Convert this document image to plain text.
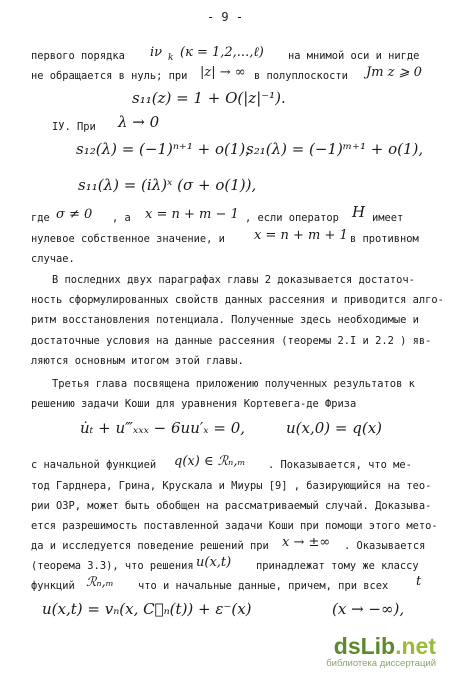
- 9 -
первого порядка iν k (к = 1,2,...,ℓ) на мнимой оси и нигде
не обращается в нуль; при |z| → ∞ в полуплоскости Jm z ⩾ 0
s₁₁(z) = 1 + O(|z|⁻¹).
IУ. При λ → 0
s₁₂(λ) = (−1)ⁿ⁺¹ + o(1),
s₂₁(λ) = (−1)ᵐ⁺¹ + o(1),
s₁₁(λ) = (iλ)ˣ (σ + o(1)),
где σ ≠ 0 , а x = n + m − 1 , если оператор H имеет
нулевое собственное значение, и x = n + m + 1 в противном
случае.
В последних двух параграфах главы 2 доказывается достаточ-
ность сформулированных свойств данных рассеяния и приводится алго-
ритм восстановления потенциала. Полученные здесь необходимые и
достаточные условия на данные рассеяния (теоремы 2.I и 2.2 ) яв-
ляются основным итогом этой главы.
Третья глава посвящена приложению полученных результатов к
решению задачи Коши для уравнения Кортевега-де Фриза
u̇ₜ + u‴ₓₓₓ − 6uu′ₓ = 0,	u(x,0) = q(x)
с начальной функцией q(x) ∈ ℛₙ,ₘ . Показывается, что ме-
тод Гарднера, Грина, Крускала и Миуры [9] , базирующийся на тео-
рии ОЗР, может быть обобщен на рассматриваемый случай. Доказыва-
ется разрешимость поставленной задачи Коши при помощи этого мето-
да и исследуется поведение решений при x → ±∞ . Оказывается
(теорема 3.3), что решения u(x,t) принадлежат тому же классу
функций ℛₙ,ₘ что и начальные данные, причем, при всех t
u(x,t) = vₙ(x, C⃗ₙ(t)) + ε⁻(x)	(x → −∞),
dsLib.net
библиотека диссертаций
